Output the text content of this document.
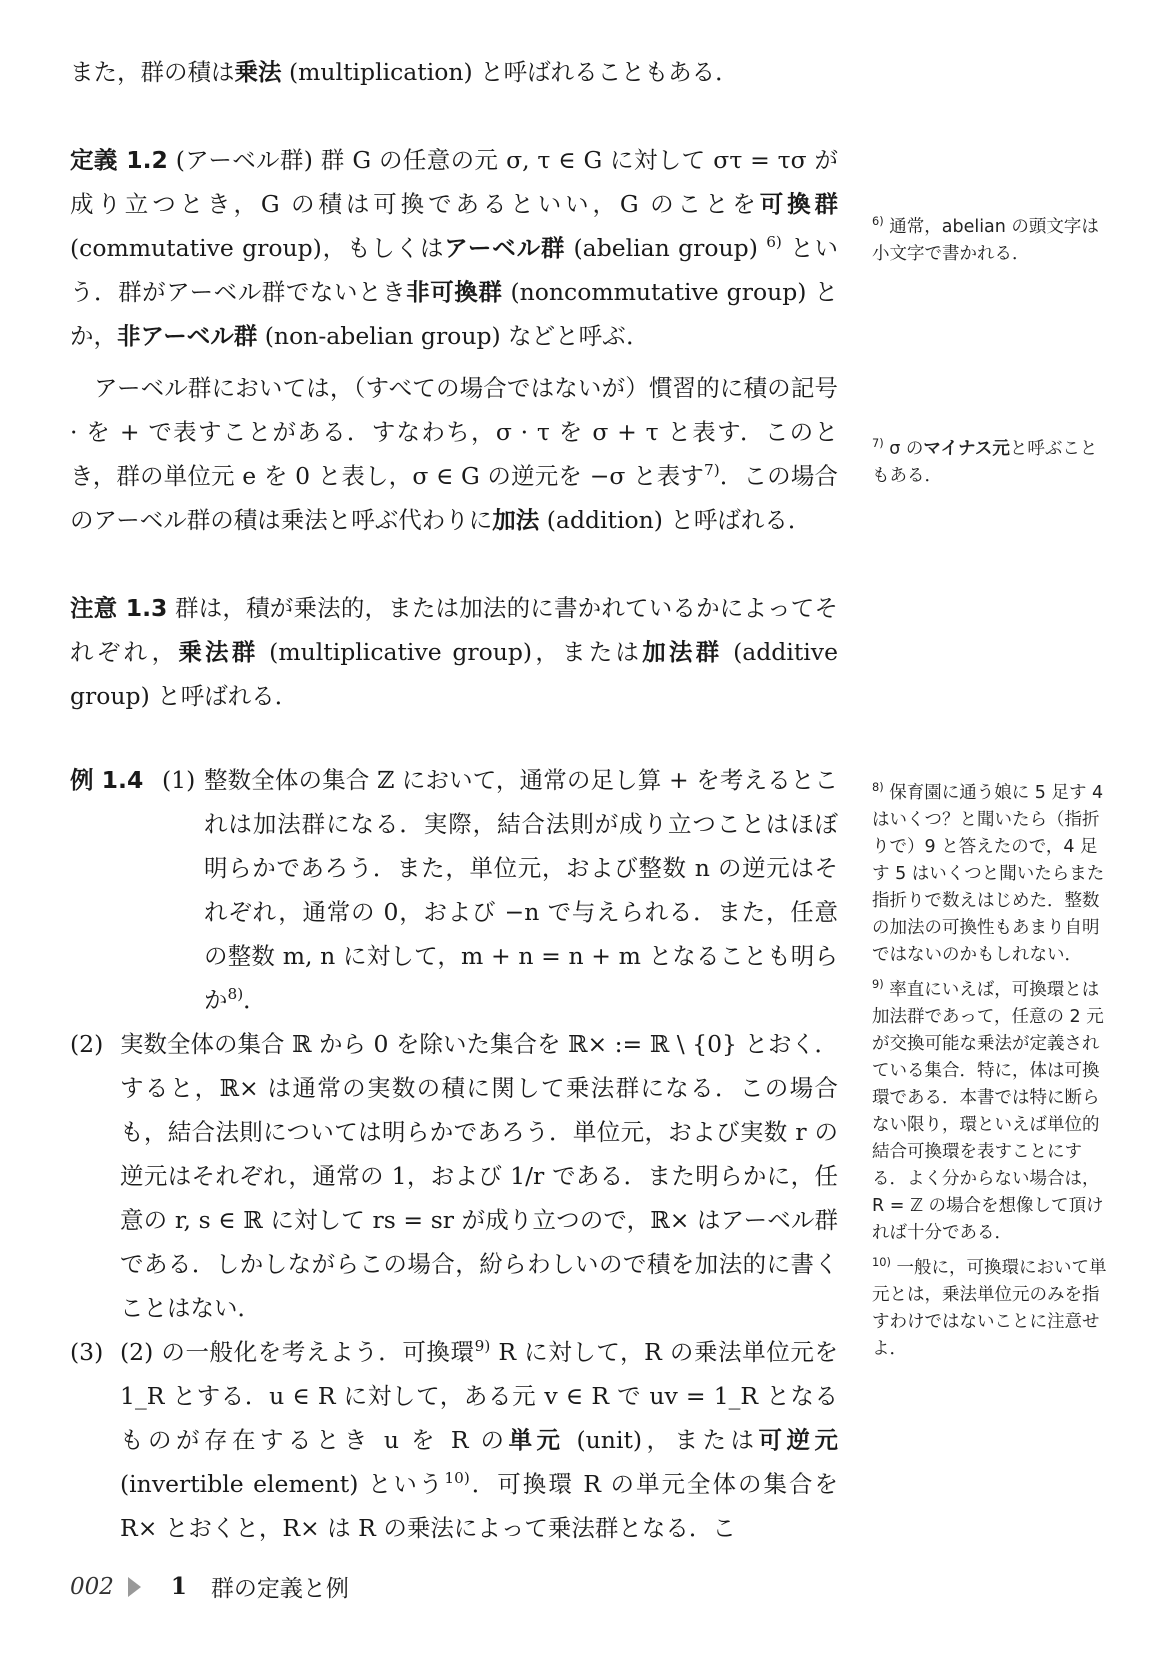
また，群の積は乗法 (multiplication) と呼ばれることもある．

定義 1.2 (アーベル群) 群 G の任意の元 σ, τ ∈ G に対して στ = τσ が成り立つとき，G の積は可換であるといい，G のことを可換群 (commutative group)，もしくはアーベル群 (abelian group) $^{6)}$ という．群がアーベル群でないとき非可換群 (noncommutative group) とか，非アーベル群 (non-abelian group) などと呼ぶ．

アーベル群においては，（すべての場合ではないが）慣習的に積の記号 · を + で表すことがある．すなわち，σ · τ を σ + τ と表す．このとき，群の単位元 e を 0 と表し，σ ∈ G の逆元を −σ と表す$^{7)}$．この場合のアーベル群の積は乗法と呼ぶ代わりに加法 (addition) と呼ばれる．

注意 1.3 群は，積が乗法的，または加法的に書かれているかによってそれぞれ，乗法群 (multiplicative group)，または加法群 (additive group) と呼ばれる．

例 1.4 (1) 整数全体の集合 ℤ において，通常の足し算 + を考えるとこれは加法群になる．実際，結合法則が成り立つことはほぼ明らかであろう．また，単位元，および整数 n の逆元はそれぞれ，通常の 0，および −n で与えられる．また，任意の整数 m, n に対して，m + n = n + m となることも明らか$^{8)}$．
(2) 実数全体の集合 ℝ から 0 を除いた集合を ℝ× := ℝ \ {0} とおく．すると，ℝ× は通常の実数の積に関して乗法群になる．この場合も，結合法則については明らかであろう．単位元，および実数 r の逆元はそれぞれ，通常の 1，および 1/r である．また明らかに，任意の r, s ∈ ℝ に対して rs = sr が成り立つので，ℝ× はアーベル群である．しかしながらこの場合，紛らわしいので積を加法的に書くことはない．
(3) (2) の一般化を考えよう．可換環$^{9)}$ R に対して，R の乗法単位元を 1_R とする．u ∈ R に対して，ある元 v ∈ R で uv = 1_R となるものが存在するとき u を R の単元 (unit)，または可逆元 (invertible element) という$^{10)}$．可換環 R の単元全体の集合を R× とおくと，R× は R の乗法によって乗法群となる．こ

$^{6)}$ 通常，abelian の頭文字は小文字で書かれる．

$^{7)}$ σ のマイナス元と呼ぶこともある．

$^{8)}$ 保育園に通う娘に 5 足す 4 はいくつ？と聞いたら（指折りで）9 と答えたので，4 足す 5 はいくつと聞いたらまた指折りで数えはじめた．整数の加法の可換性もあまり自明ではないのかもしれない．

$^{9)}$ 率直にいえば，可換環とは加法群であって，任意の 2 元が交換可能な乗法が定義されている集合．特に，体は可換環である．本書では特に断らない限り，環といえば単位的結合可換環を表すことにする．よく分からない場合は，R = ℤ の場合を想像して頂ければ十分である．

$^{10)}$ 一般に，可換環において単元とは，乗法単位元のみを指すわけではないことに注意せよ．

002 1 群の定義と例
